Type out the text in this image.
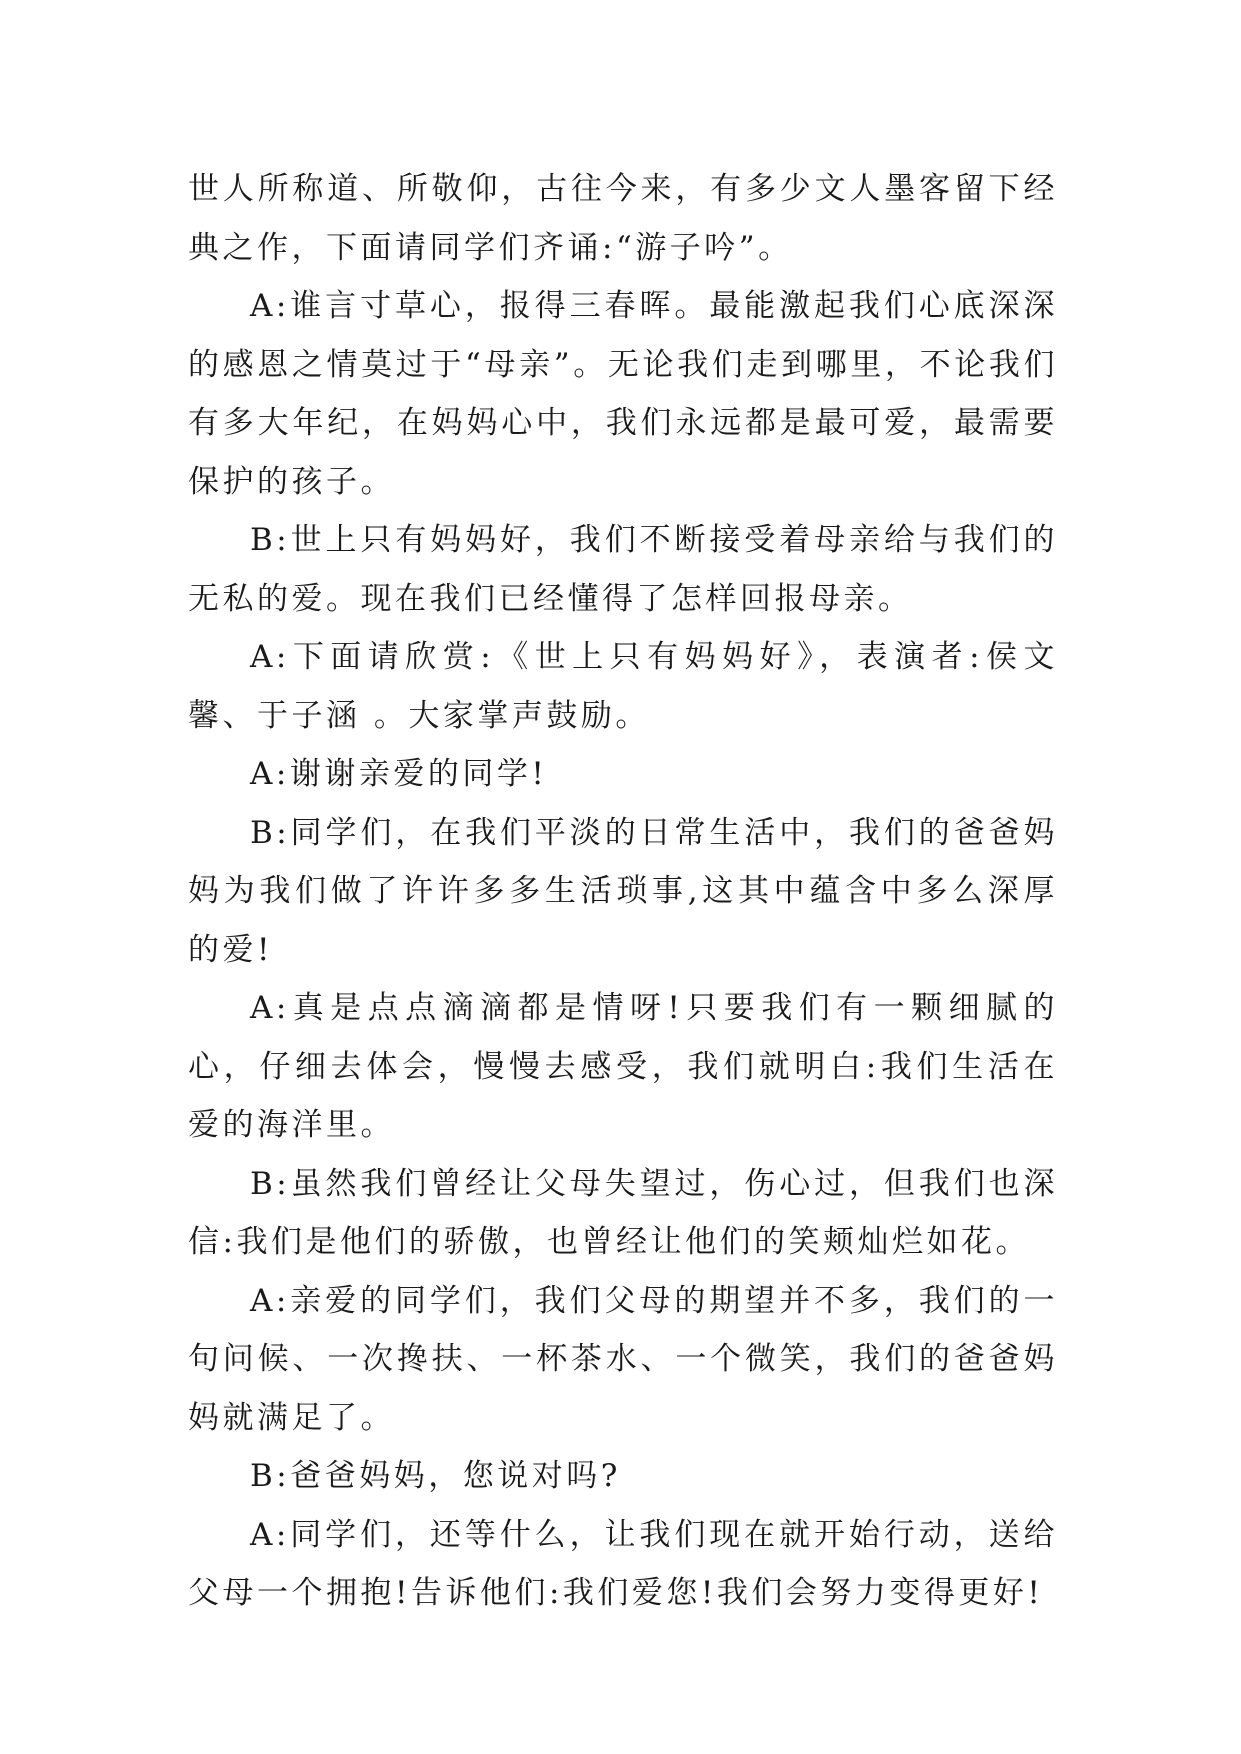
世人所称道、所敬仰，古往今来，有多少文人墨客留下经典之作，下面请同学们齐诵:“游子吟”。

A:谁言寸草心，报得三春晖。最能激起我们心底深深的感恩之情莫过于“母亲”。无论我们走到哪里，不论我们有多大年纪，在妈妈心中，我们永远都是最可爱，最需要保护的孩子。

B:世上只有妈妈好，我们不断接受着母亲给与我们的无私的爱。现在我们已经懂得了怎样回报母亲。

A:下面请欣赏:《世上只有妈妈好》，表演者:侯文馨、于子涵 。大家掌声鼓励。

A:谢谢亲爱的同学!

B:同学们，在我们平淡的日常生活中，我们的爸爸妈妈为我们做了许许多多生活琐事,这其中蕴含中多么深厚的爱!

A:真是点点滴滴都是情呀!只要我们有一颗细腻的心，仔细去体会，慢慢去感受，我们就明白:我们生活在爱的海洋里。

B:虽然我们曾经让父母失望过，伤心过，但我们也深信:我们是他们的骄傲，也曾经让他们的笑颊灿烂如花。

A:亲爱的同学们，我们父母的期望并不多，我们的一句问候、一次搀扶、一杯茶水、一个微笑，我们的爸爸妈妈就满足了。

B:爸爸妈妈，您说对吗?

A:同学们，还等什么，让我们现在就开始行动，送给父母一个拥抱!告诉他们:我们爱您!我们会努力变得更好!
